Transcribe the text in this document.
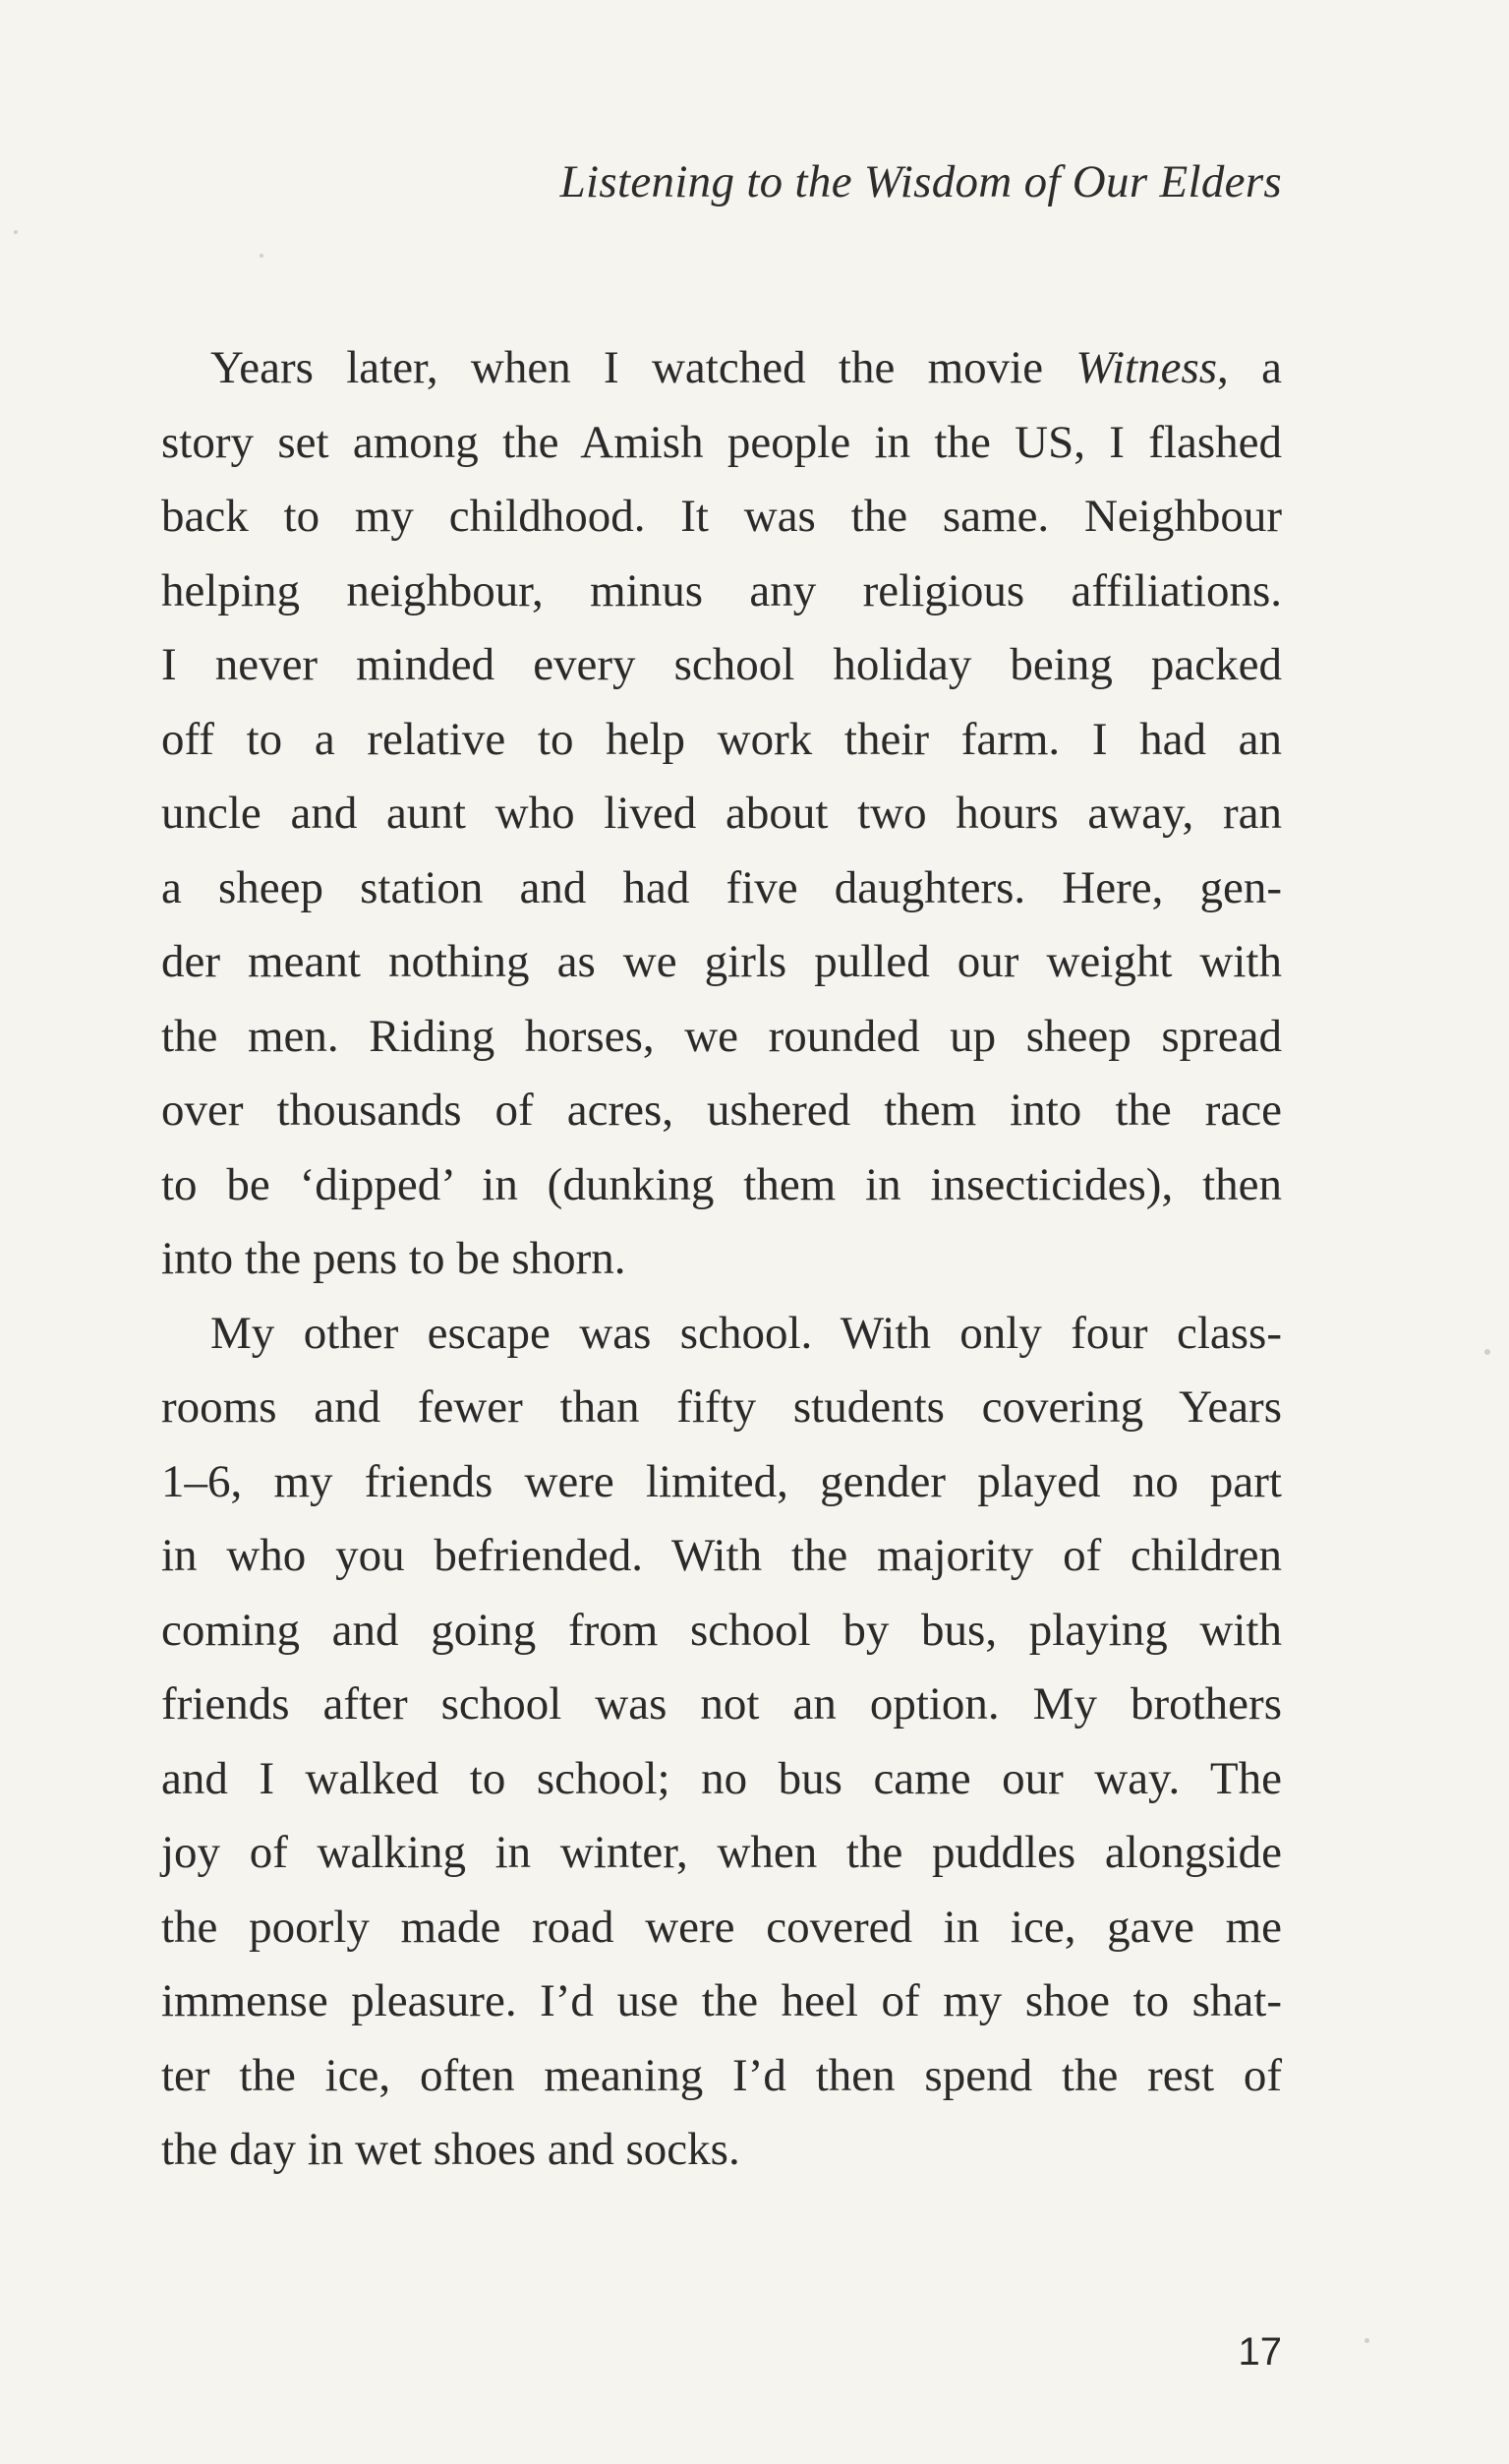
Listening to the Wisdom of Our Elders
Years later, when I watched the movie Witness, a
story set among the Amish people in the US, I flashed
back to my childhood. It was the same. Neighbour
helping neighbour, minus any religious affiliations.
I never minded every school holiday being packed
off to a relative to help work their farm. I had an
uncle and aunt who lived about two hours away, ran
a sheep station and had five daughters. Here, gen-
der meant nothing as we girls pulled our weight with
the men. Riding horses, we rounded up sheep spread
over thousands of acres, ushered them into the race
to be ‘dipped’ in (dunking them in insecticides), then
into the pens to be shorn.
My other escape was school. With only four class-
rooms and fewer than fifty students covering Years
1–6, my friends were limited, gender played no part
in who you befriended. With the majority of children
coming and going from school by bus, playing with
friends after school was not an option. My brothers
and I walked to school; no bus came our way. The
joy of walking in winter, when the puddles alongside
the poorly made road were covered in ice, gave me
immense pleasure. I’d use the heel of my shoe to shat-
ter the ice, often meaning I’d then spend the rest of
the day in wet shoes and socks.
17
